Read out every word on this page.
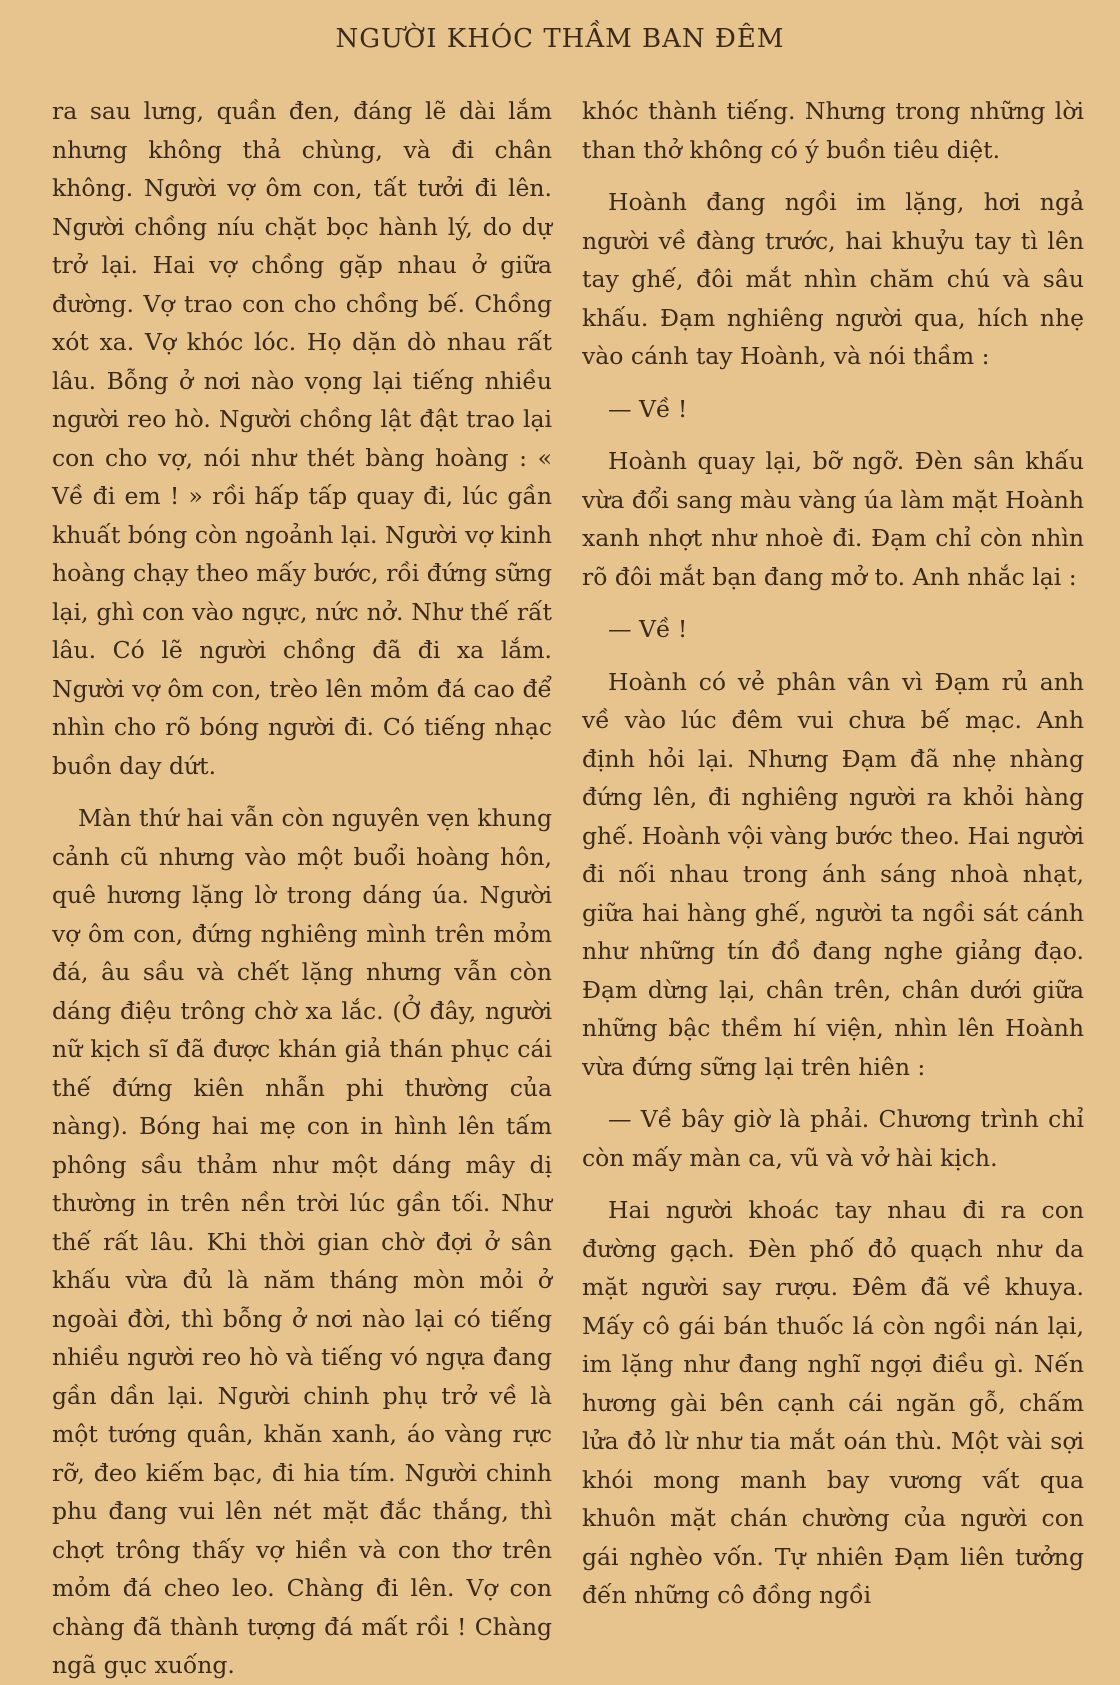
NGƯỜI KHÓC THẦM BAN ĐÊM

ra sau lưng, quần đen, đáng lẽ dài lắm nhưng không thả chùng, và đi chân không. Người vợ ôm con, tất tưởi đi lên. Người chồng níu chặt bọc hành lý, do dự trở lại. Hai vợ chồng gặp nhau ở giữa đường. Vợ trao con cho chồng bế. Chồng xót xa. Vợ khóc lóc. Họ dặn dò nhau rất lâu. Bỗng ở nơi nào vọng lại tiếng nhiều người reo hò. Người chồng lật đật trao lại con cho vợ, nói như thét bàng hoàng : « Về đi em ! » rồi hấp tấp quay đi, lúc gần khuất bóng còn ngoảnh lại. Người vợ kinh hoàng chạy theo mấy bước, rồi đứng sững lại, ghì con vào ngực, nức nở. Như thế rất lâu. Có lẽ người chồng đã đi xa lắm. Người vợ ôm con, trèo lên mỏm đá cao để nhìn cho rõ bóng người đi. Có tiếng nhạc buồn day dứt.

Màn thứ hai vẫn còn nguyên vẹn khung cảnh cũ nhưng vào một buổi hoàng hôn, quê hương lặng lờ trong dáng úa. Người vợ ôm con, đứng nghiêng mình trên mỏm đá, âu sầu và chết lặng nhưng vẫn còn dáng điệu trông chờ xa lắc. (Ở đây, người nữ kịch sĩ đã được khán giả thán phục cái thế đứng kiên nhẫn phi thường của nàng). Bóng hai mẹ con in hình lên tấm phông sầu thảm như một dáng mây dị thường in trên nền trời lúc gần tối. Như thế rất lâu. Khi thời gian chờ đợi ở sân khấu vừa đủ là năm tháng mòn mỏi ở ngoài đời, thì bỗng ở nơi nào lại có tiếng nhiều người reo hò và tiếng vó ngựa đang gần dần lại. Người chinh phụ trở về là một tướng quân, khăn xanh, áo vàng rực rỡ, đeo kiếm bạc, đi hia tím. Người chinh phu đang vui lên nét mặt đắc thắng, thì chợt trông thấy vợ hiền và con thơ trên mỏm đá cheo leo. Chàng đi lên. Vợ con chàng đã thành tượng đá mất rồi ! Chàng ngã gục xuống.

khóc thành tiếng. Nhưng trong những lời than thở không có ý buồn tiêu diệt.

Hoành đang ngồi im lặng, hơi ngả người về đàng trước, hai khuỷu tay tì lên tay ghế, đôi mắt nhìn chăm chú và sâu khấu. Đạm nghiêng người qua, hích nhẹ vào cánh tay Hoành, và nói thầm :

— Về !

Hoành quay lại, bỡ ngỡ. Đèn sân khấu vừa đổi sang màu vàng úa làm mặt Hoành xanh nhợt như nhoè đi. Đạm chỉ còn nhìn rõ đôi mắt bạn đang mở to. Anh nhắc lại :

— Về !

Hoành có vẻ phân vân vì Đạm rủ anh về vào lúc đêm vui chưa bế mạc. Anh định hỏi lại. Nhưng Đạm đã nhẹ nhàng đứng lên, đi nghiêng người ra khỏi hàng ghế. Hoành vội vàng bước theo. Hai người đi nối nhau trong ánh sáng nhoà nhạt, giữa hai hàng ghế, người ta ngồi sát cánh như những tín đồ đang nghe giảng đạo. Đạm dừng lại, chân trên, chân dưới giữa những bậc thềm hí viện, nhìn lên Hoành vừa đứng sững lại trên hiên :

— Về bây giờ là phải. Chương trình chỉ còn mấy màn ca, vũ và vở hài kịch.

Hai người khoác tay nhau đi ra con đường gạch. Đèn phố đỏ quạch như da mặt người say rượu. Đêm đã về khuya. Mấy cô gái bán thuốc lá còn ngồi nán lại, im lặng như đang nghĩ ngợi điều gì. Nến hương gài bên cạnh cái ngăn gỗ, chấm lửa đỏ lừ như tia mắt oán thù. Một vài sợi khói mong manh bay vương vất qua khuôn mặt chán chường của người con gái nghèo vốn. Tự nhiên Đạm liên tưởng đến những cô đồng ngồi
